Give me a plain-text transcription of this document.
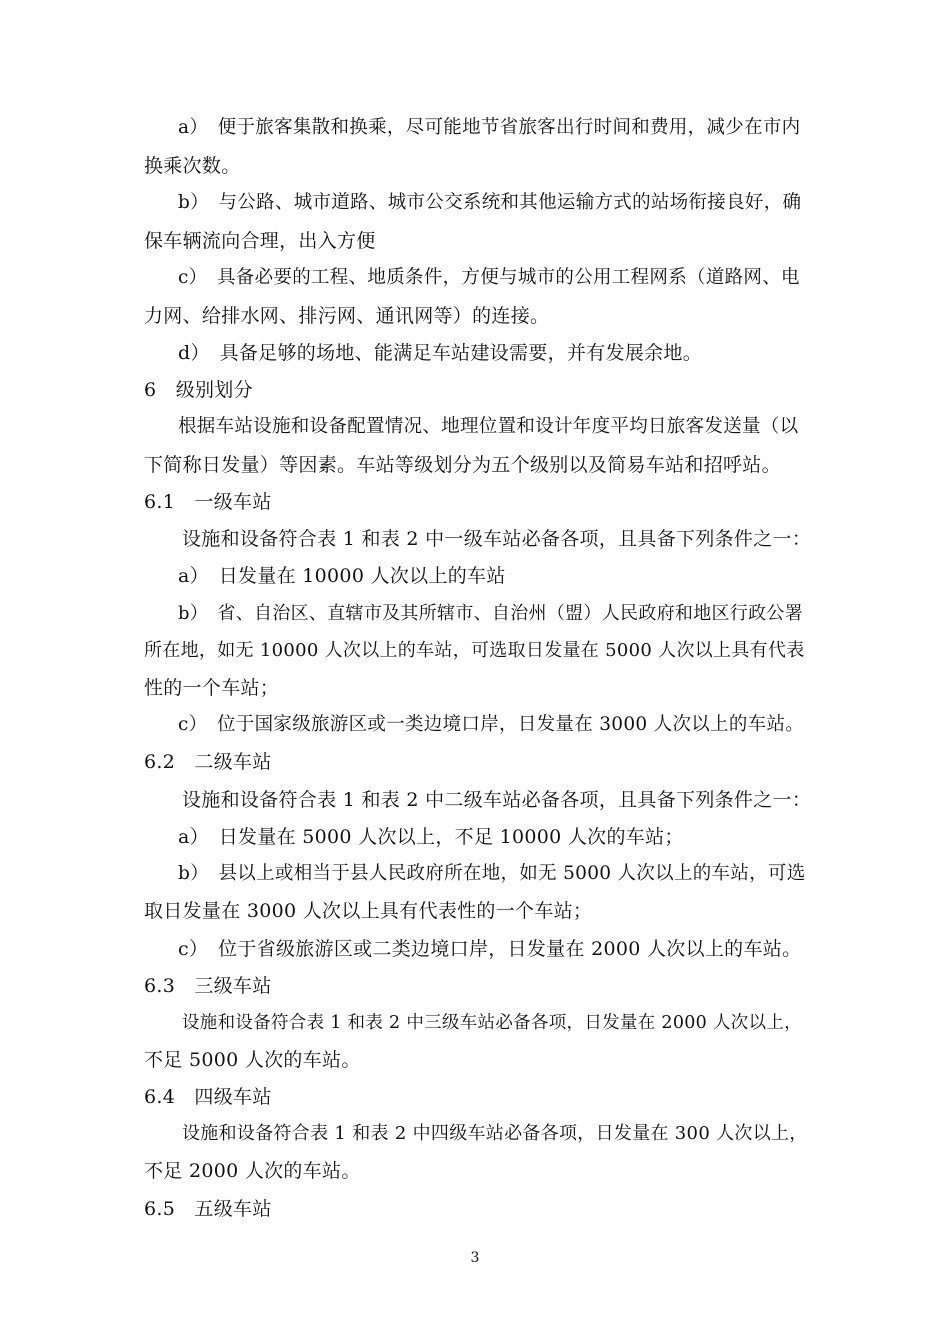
a）　便于旅客集散和换乘，尽可能地节省旅客出行时间和费用，减少在市内
换乘次数。
b）　与公路、城市道路、城市公交系统和其他运输方式的站场衔接良好，确
保车辆流向合理，出入方便
c）　具备必要的工程、地质条件，方便与城市的公用工程网系（道路网、电
力网、给排水网、排污网、通讯网等）的连接。
d）　具备足够的场地、能满足车站建设需要，并有发展余地。
6　级别划分
根据车站设施和设备配置情况、地理位置和设计年度平均日旅客发送量（以
下简称日发量）等因素。车站等级划分为五个级别以及简易车站和招呼站。
6.1　一级车站
设施和设备符合表 1 和表 2 中一级车站必备各项，且具备下列条件之一：
a）　日发量在 10000 人次以上的车站
b）　省、自治区、直辖市及其所辖市、自治州（盟）人民政府和地区行政公署
所在地，如无 10000 人次以上的车站，可选取日发量在 5000 人次以上具有代表
性的一个车站；
c）　位于国家级旅游区或一类边境口岸，日发量在 3000 人次以上的车站。
6.2　二级车站
设施和设备符合表 1 和表 2 中二级车站必备各项，且具备下列条件之一：
a）　日发量在 5000 人次以上，不足 10000 人次的车站；
b）　县以上或相当于县人民政府所在地，如无 5000 人次以上的车站，可选
取日发量在 3000 人次以上具有代表性的一个车站；
c）　位于省级旅游区或二类边境口岸，日发量在 2000 人次以上的车站。
6.3　三级车站
设施和设备符合表 1 和表 2 中三级车站必备各项，日发量在 2000 人次以上，
不足 5000 人次的车站。
6.4　四级车站
设施和设备符合表 1 和表 2 中四级车站必备各项，日发量在 300 人次以上，
不足 2000 人次的车站。
6.5　五级车站
3
